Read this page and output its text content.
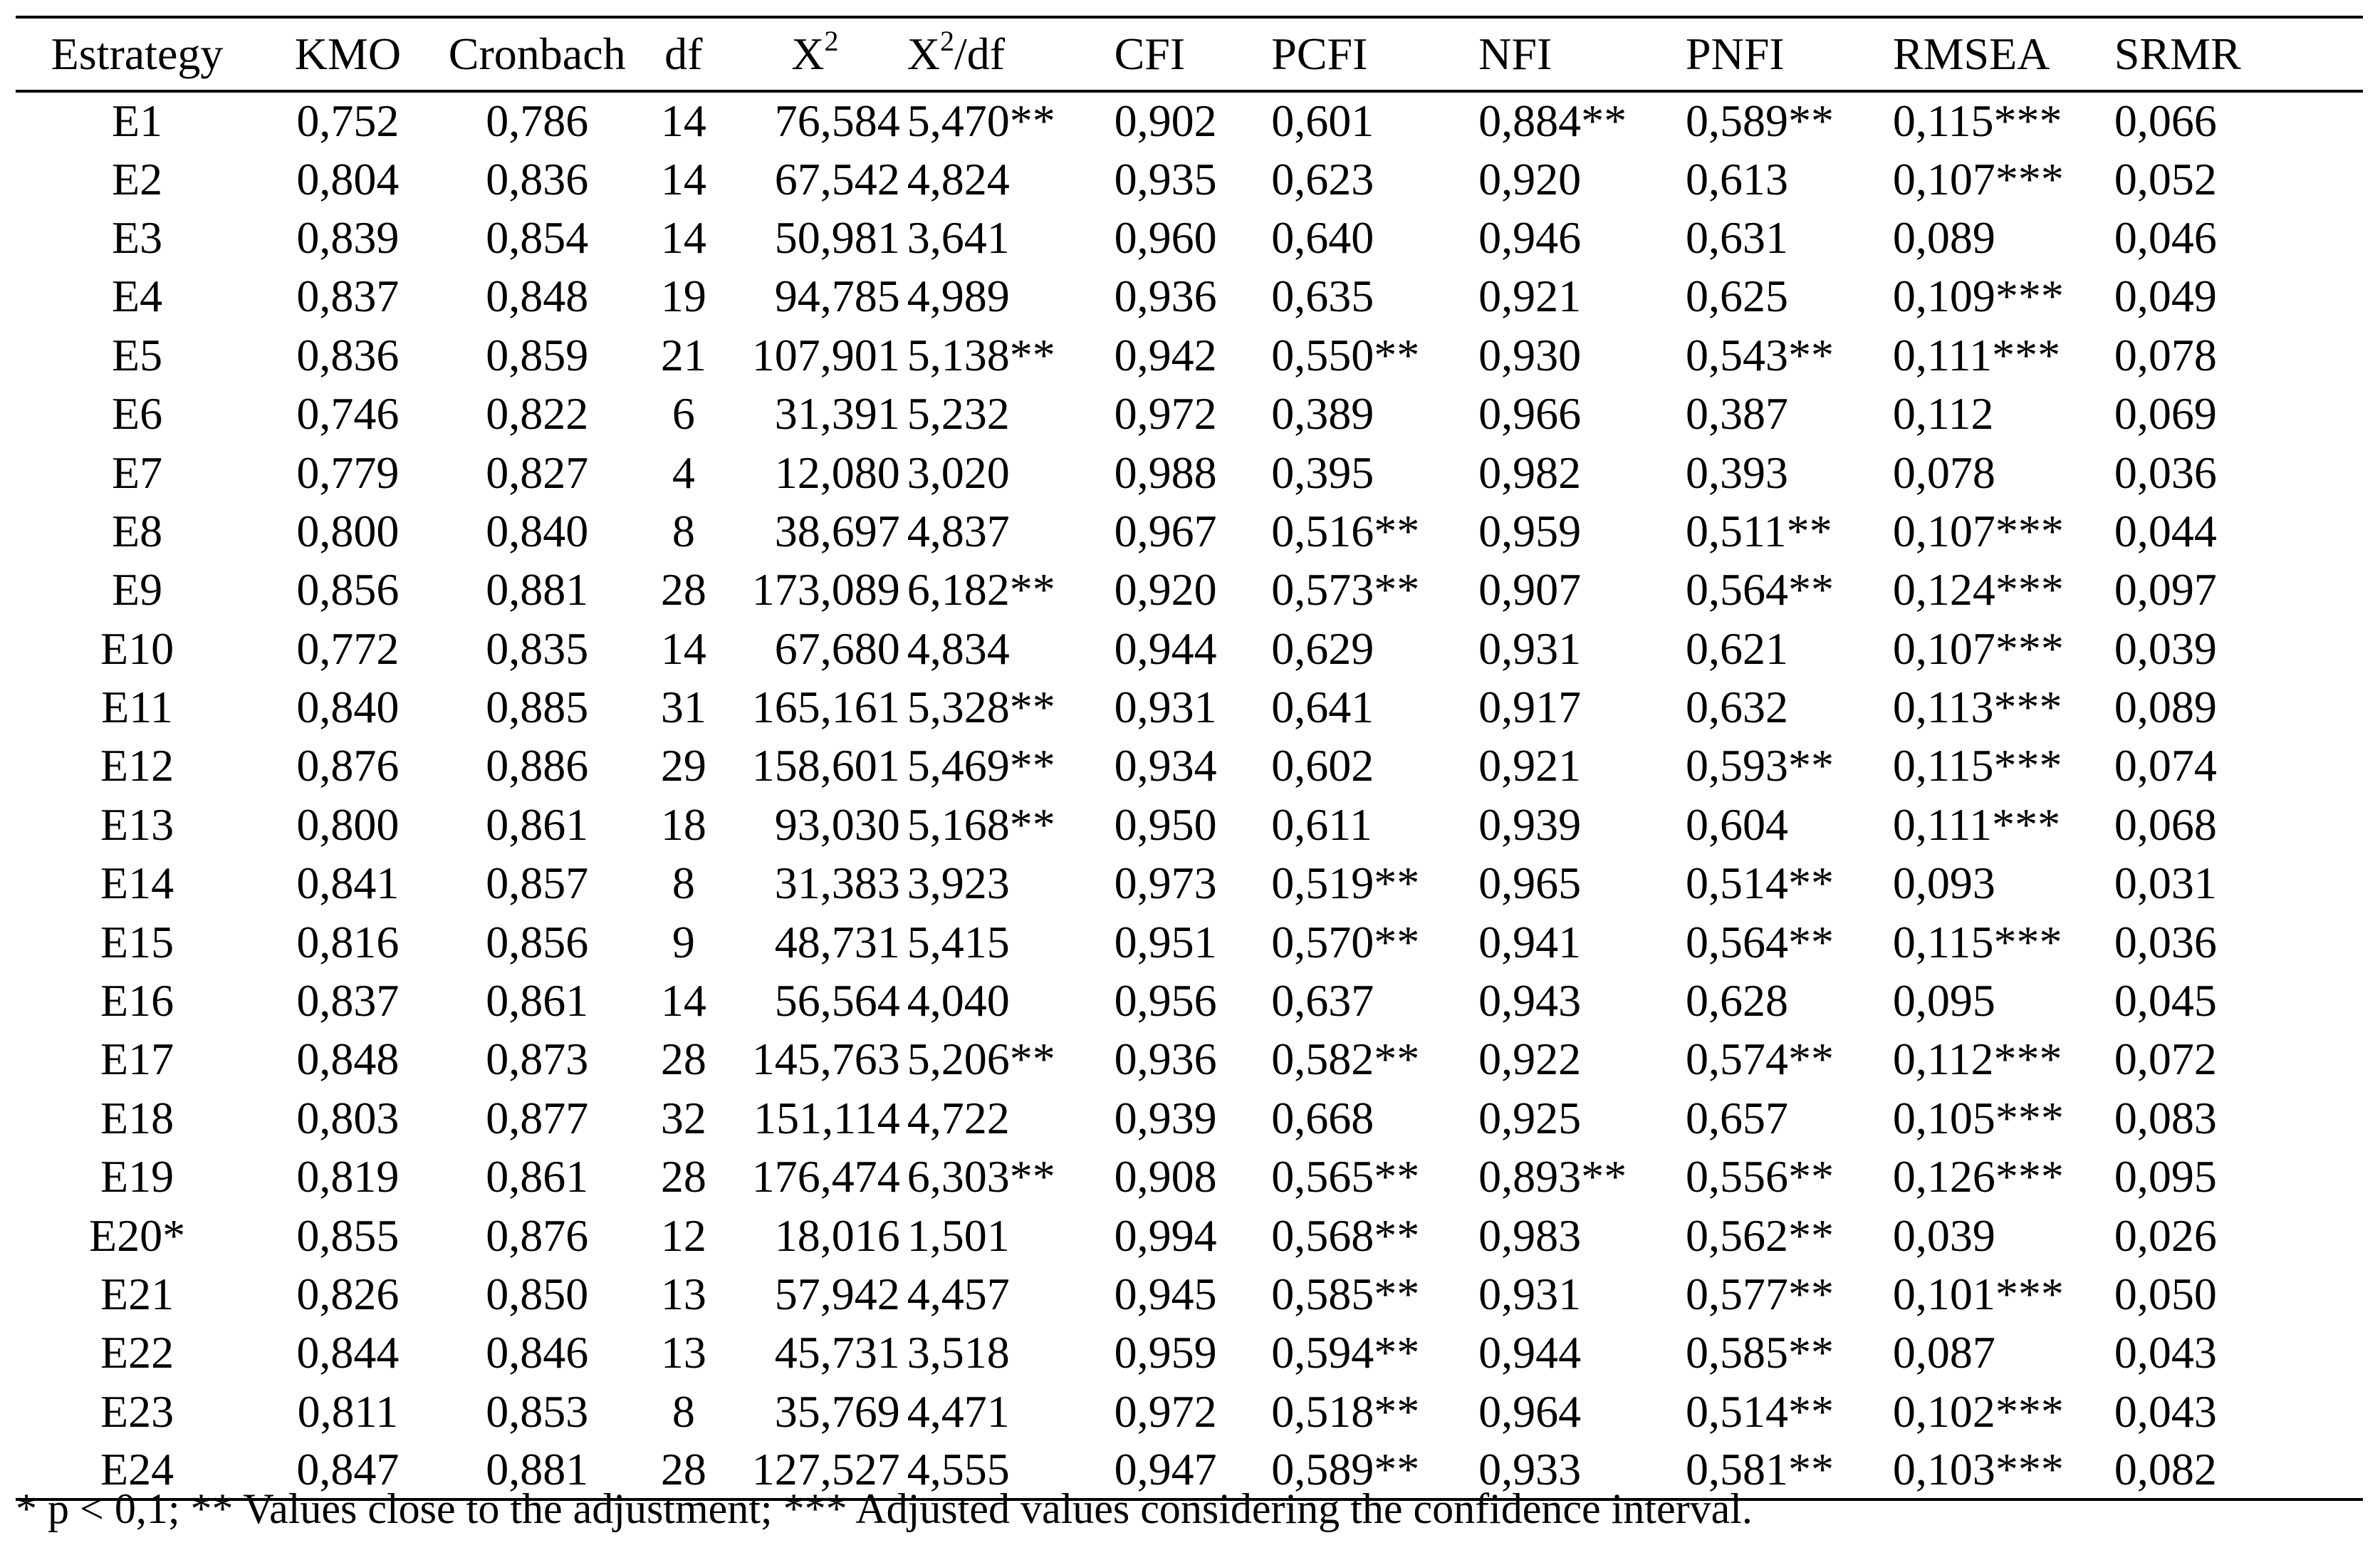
Estrategy	KMO	Cronbach	df	$X^2$	$X^2/df$	CFI	PCFI	NFI	PNFI	RMSEA	SRMR
E1	0,752	0,786	14	76,584	5,470**	0,902	0,601	0,884**	0,589**	0,115***	0,066
E2	0,804	0,836	14	67,542	4,824	0,935	0,623	0,920	0,613	0,107***	0,052
E3	0,839	0,854	14	50,981	3,641	0,960	0,640	0,946	0,631	0,089	0,046
E4	0,837	0,848	19	94,785	4,989	0,936	0,635	0,921	0,625	0,109***	0,049
E5	0,836	0,859	21	107,901	5,138**	0,942	0,550**	0,930	0,543**	0,111***	0,078
E6	0,746	0,822	6	31,391	5,232	0,972	0,389	0,966	0,387	0,112	0,069
E7	0,779	0,827	4	12,080	3,020	0,988	0,395	0,982	0,393	0,078	0,036
E8	0,800	0,840	8	38,697	4,837	0,967	0,516**	0,959	0,511**	0,107***	0,044
E9	0,856	0,881	28	173,089	6,182**	0,920	0,573**	0,907	0,564**	0,124***	0,097
E10	0,772	0,835	14	67,680	4,834	0,944	0,629	0,931	0,621	0,107***	0,039
E11	0,840	0,885	31	165,161	5,328**	0,931	0,641	0,917	0,632	0,113***	0,089
E12	0,876	0,886	29	158,601	5,469**	0,934	0,602	0,921	0,593**	0,115***	0,074
E13	0,800	0,861	18	93,030	5,168**	0,950	0,611	0,939	0,604	0,111***	0,068
E14	0,841	0,857	8	31,383	3,923	0,973	0,519**	0,965	0,514**	0,093	0,031
E15	0,816	0,856	9	48,731	5,415	0,951	0,570**	0,941	0,564**	0,115***	0,036
E16	0,837	0,861	14	56,564	4,040	0,956	0,637	0,943	0,628	0,095	0,045
E17	0,848	0,873	28	145,763	5,206**	0,936	0,582**	0,922	0,574**	0,112***	0,072
E18	0,803	0,877	32	151,114	4,722	0,939	0,668	0,925	0,657	0,105***	0,083
E19	0,819	0,861	28	176,474	6,303**	0,908	0,565**	0,893**	0,556**	0,126***	0,095
E20*	0,855	0,876	12	18,016	1,501	0,994	0,568**	0,983	0,562**	0,039	0,026
E21	0,826	0,850	13	57,942	4,457	0,945	0,585**	0,931	0,577**	0,101***	0,050
E22	0,844	0,846	13	45,731	3,518	0,959	0,594**	0,944	0,585**	0,087	0,043
E23	0,811	0,853	8	35,769	4,471	0,972	0,518**	0,964	0,514**	0,102***	0,043
E24	0,847	0,881	28	127,527	4,555	0,947	0,589**	0,933	0,581**	0,103***	0,082
* p < 0,1; ** Values close to the adjustment; *** Adjusted values considering the confidence interval.
